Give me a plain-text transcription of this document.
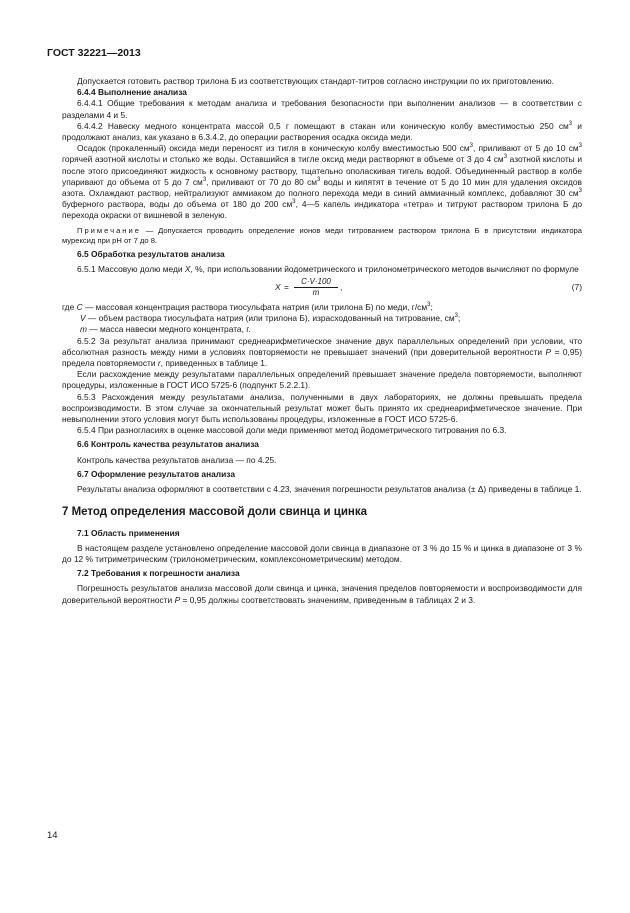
ГОСТ 32221—2013

Допускается готовить раствор трилона Б из соответствующих стандарт-титров согласно инструкции по их приготовлению.

6.4.4 Выполнение анализа

6.4.4.1 Общие требования к методам анализа и требования безопасности при выполнении анализов — в соответствии с разделами 4 и 5.

6.4.4.2 Навеску медного концентрата массой 0,5 г помещают в стакан или коническую колбу вместимостью 250 $см^3$ и продолжают анализ, как указано в 6.3.4.2, до операции растворения осадка оксида меди.

Осадок (прокаленный) оксида меди переносят из тигля в коническую колбу вместимостью 500 $см^3$, приливают от 5 до 10 $см^3$ горячей азотной кислоты и столько же воды. Оставшийся в тигле оксид меди растворяют в объеме от 3 до 4 $см^3$ азотной кислоты и после этого присоединяют жидкость к основному раствору, тщательно ополаскивая тигель водой. Объединенный раствор в колбе упаривают до объема от 5 до 7 $см^3$, приливают от 70 до 80 $см^3$ воды и кипятят в течение от 5 до 10 мин для удаления оксидов азота. Охлаждают раствор, нейтрализуют аммиаком до полного перехода меди в синий аммиачный комплекс, добавляют 30 $см^3$ буферного раствора, воды до объема от 180 до 200 $см^3$, 4—5 капель индикатора «тетра» и титруют раствором трилона Б до перехода окраски от вишневой в зеленую.

Примечание — Допускается проводить определение ионов меди титрованием раствором трилона Б в присутствии индикатора мурексид при pH от 7 до 8.

6.5 Обработка результатов анализа

6.5.1 Массовую долю меди X, %, при использовании йодометрического и трилонометрического методов вычисляют по формуле

$X = \frac{C\cdot V\cdot 100}{m}$ ,	(7)

где C — массовая концентрация раствора тиосульфата натрия (или трилона Б) по меди, $г/см^3$;

V — объем раствора тиосульфата натрия (или трилона Б), израсходованный на титрование, $см^3$;

m — масса навески медного концентрата, г.

6.5.2 За результат анализа принимают среднеарифметическое значение двух параллельных определений при условии, что абсолютная разность между ними в условиях повторяемости не превышает значений (при доверительной вероятности P = 0,95) предела повторяемости r, приведенных в таблице 1.

Если расхождение между результатами параллельных определений превышает значение предела повторяемости, выполняют процедуры, изложенные в ГОСТ ИСО 5725-6 (подпункт 5.2.2.1).

6.5.3 Расхождения между результатами анализа, полученными в двух лабораториях, не должны превышать предела воспроизводимости. В этом случае за окончательный результат может быть принято их среднеарифметическое значение. При невыполнении этого условия могут быть использованы процедуры, изложенные в ГОСТ ИСО 5725-6.

6.5.4 При разногласиях в оценке массовой доли меди применяют метод йодометрического титрования по 6.3.

6.6 Контроль качества результатов анализа

Контроль качества результатов анализа — по 4.25.

6.7 Оформление результатов анализа

Результаты анализа оформляют в соответствии с 4.23, значения погрешности результатов анализа (± Δ) приведены в таблице 1.

7 Метод определения массовой доли свинца и цинка

7.1 Область применения

В настоящем разделе установлено определение массовой доли свинца в диапазоне от 3 % до 15 % и цинка в диапазоне от 3 % до 12 % титриметрическим (трилонометрическим, комплексонометрическим) методом.

7.2 Требования к погрешности анализа

Погрешность результатов анализа массовой доли свинца и цинка, значения пределов повторяемости и воспроизводимости для доверительной вероятности P = 0,95 должны соответствовать значениям, приведенным в таблицах 2 и 3.

14
